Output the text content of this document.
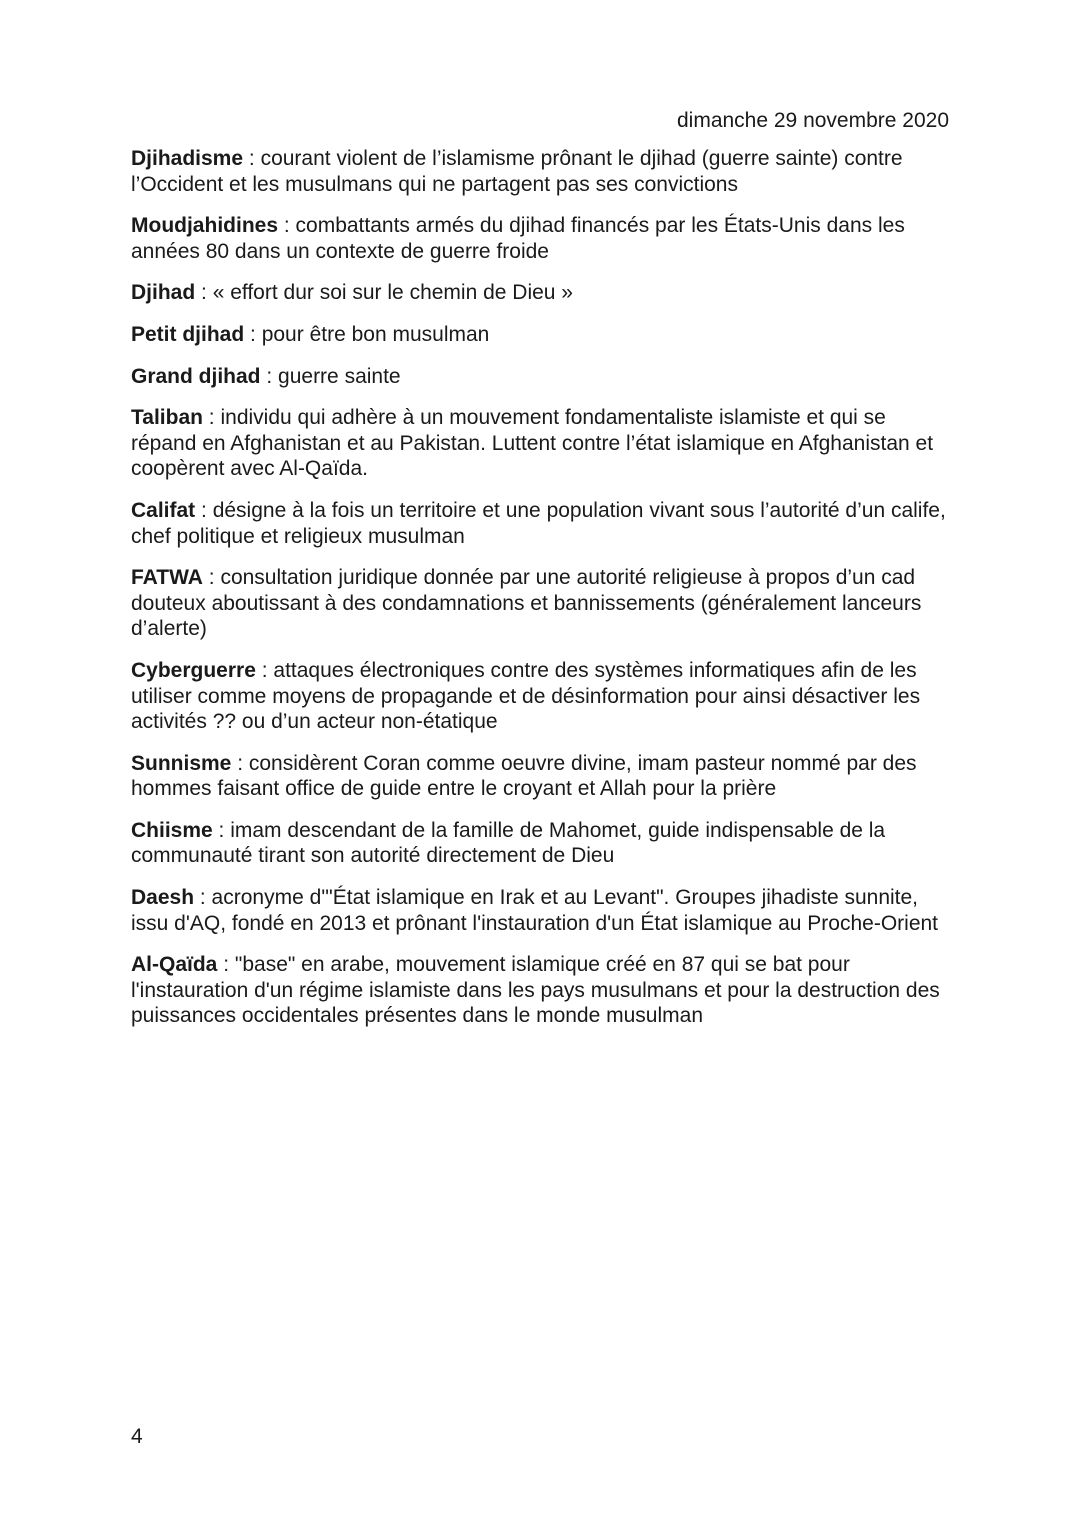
dimanche 29 novembre 2020

Djihadisme : courant violent de l’islamisme prônant le djihad (guerre sainte) contre l’Occident et les musulmans qui ne partagent pas ses convictions

Moudjahidines : combattants armés du djihad financés par les États-Unis dans les années 80 dans un contexte de guerre froide

Djihad : « effort dur soi sur le chemin de Dieu »

Petit djihad : pour être bon musulman

Grand djihad : guerre sainte

Taliban : individu qui adhère à un mouvement fondamentaliste islamiste et qui se répand en Afghanistan et au Pakistan. Luttent contre l’état islamique en Afghanistan et coopèrent avec Al-Qaïda.

Califat : désigne à la fois un territoire et une population vivant sous l’autorité d’un calife, chef politique et religieux musulman

FATWA : consultation juridique donnée par une autorité religieuse à propos d’un cad douteux aboutissant à des condamnations et bannissements (généralement lanceurs d’alerte)

Cyberguerre : attaques électroniques contre des systèmes informatiques afin de les utiliser comme moyens de propagande et de désinformation pour ainsi désactiver les activités ?? ou d’un acteur non-étatique

Sunnisme : considèrent Coran comme oeuvre divine, imam pasteur nommé par des hommes faisant office de guide entre le croyant et Allah pour la prière

Chiisme : imam descendant de la famille de Mahomet, guide indispensable de la communauté tirant son autorité directement de Dieu

Daesh : acronyme d'"État islamique en Irak et au Levant". Groupes jihadiste sunnite, issu d'AQ, fondé en 2013 et prônant l'instauration d'un État islamique au Proche-Orient

Al-Qaïda : "base" en arabe, mouvement islamique créé en 87 qui se bat pour l'instauration d'un régime islamiste dans les pays musulmans et pour la destruction des puissances occidentales présentes dans le monde musulman

4
